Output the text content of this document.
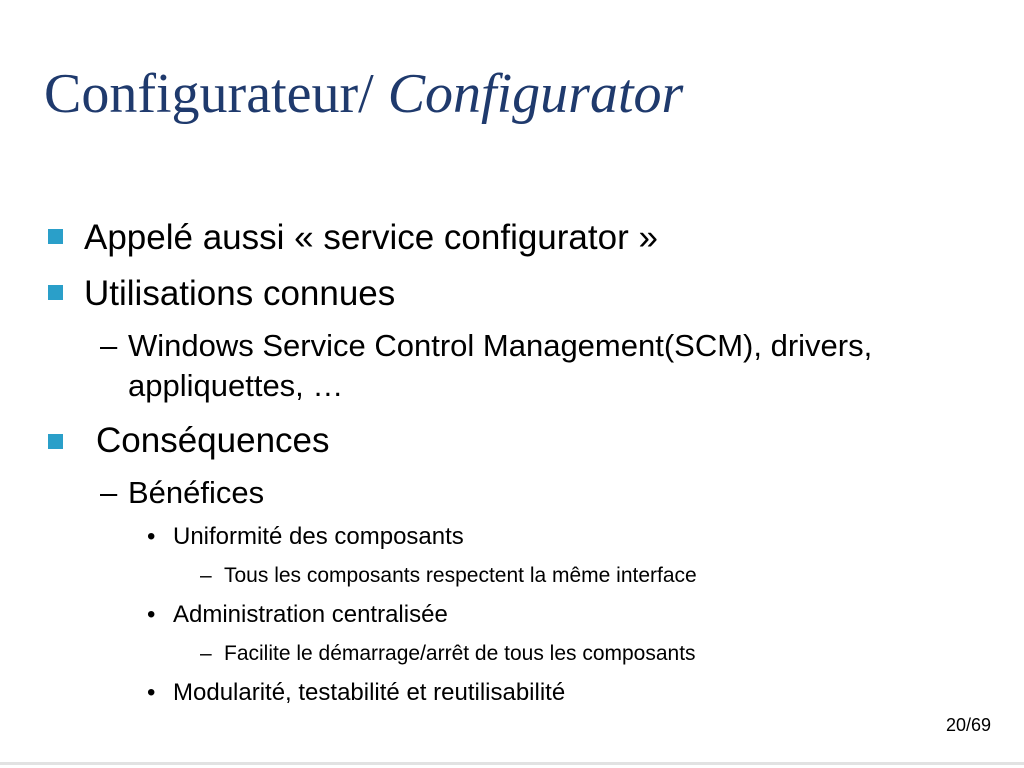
Configurateur/ Configurator
Appelé aussi « service configurator »
Utilisations connues
– Windows Service Control Management(SCM), drivers,
appliquettes, …
Conséquences
– Bénéfices
• Uniformité des composants
– Tous les composants respectent la même interface
• Administration centralisée
– Facilite le démarrage/arrêt de tous les composants
• Modularité, testabilité et reutilisabilité
20/69
